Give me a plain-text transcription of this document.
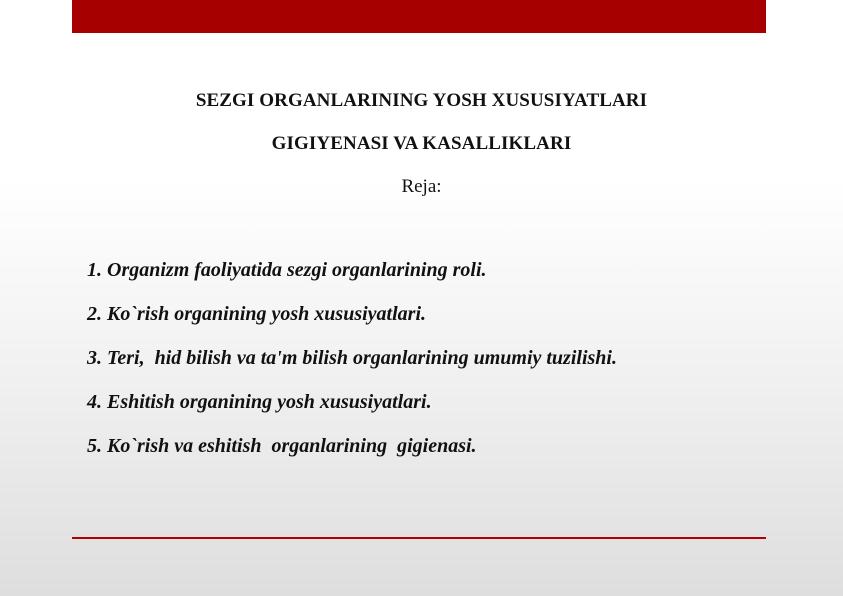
SEZGI ORGANLARINING YOSH XUSUSIYATLARI
GIGIYENASI VA KASALLIKLARI
Reja:
1. Organizm faoliyatida sezgi organlarining roli.
2. Ko`rish organining yosh xususiyatlari.
3. Teri,  hid bilish va ta'm bilish organlarining umumiy tuzilishi.
4. Eshitish organining yosh xususiyatlari.
5. Ko`rish va eshitish  organlarining  gigienasi.
